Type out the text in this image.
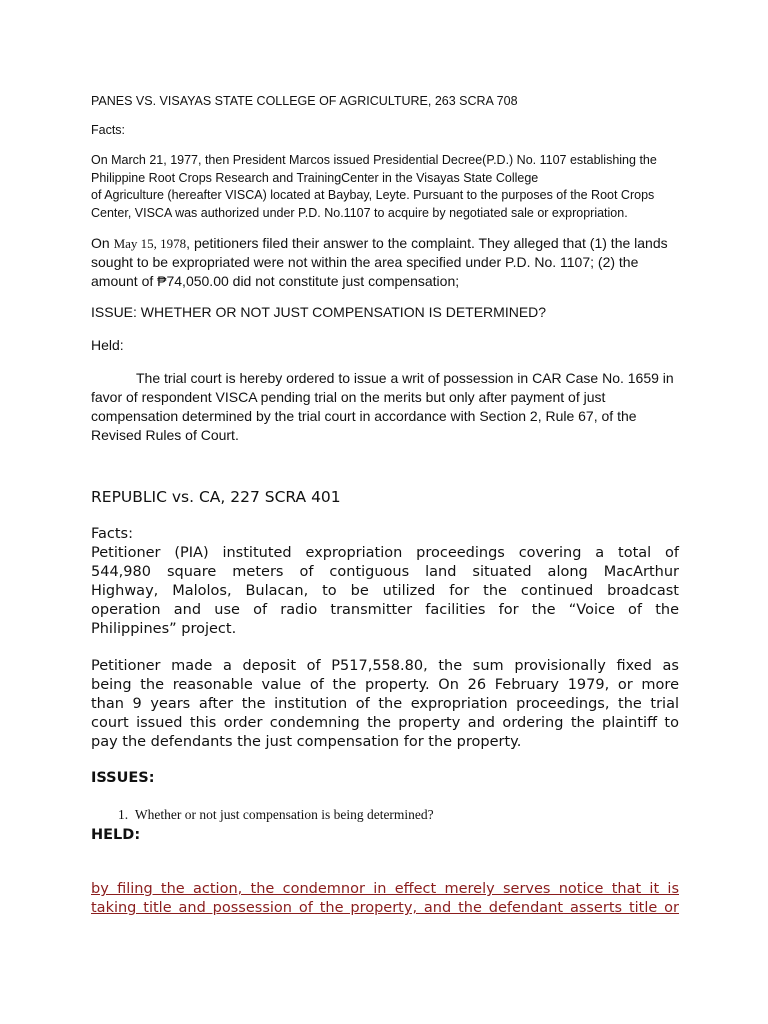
PANES VS. VISAYAS STATE COLLEGE OF AGRICULTURE, 263 SCRA 708
Facts:
On March 21, 1977, then President Marcos issued Presidential Decree(P.D.) No. 1107 establishing the
Philippine Root Crops Research and TrainingCenter in the Visayas State College
of Agriculture (hereafter VISCA) located at Baybay, Leyte. Pursuant to the purposes of the Root Crops
Center, VISCA was authorized under P.D. No.1107 to acquire by negotiated sale or expropriation.
On May 15, 1978, petitioners filed their answer to the complaint. They alleged that (1) the lands
sought to be expropriated were not within the area specified under P.D. No. 1107; (2) the
amount of ₱74,050.00 did not constitute just compensation;
ISSUE: WHETHER OR NOT JUST COMPENSATION IS DETERMINED?
Held:
The trial court is hereby ordered to issue a writ of possession in CAR Case No. 1659 in
favor of respondent VISCA pending trial on the merits but only after payment of just
compensation determined by the trial court in accordance with Section 2, Rule 67, of the
Revised Rules of Court.
REPUBLIC vs. CA, 227 SCRA 401
Facts:
Petitioner (PIA) instituted expropriation proceedings covering a total of
544,980 square meters of contiguous land situated along MacArthur
Highway, Malolos, Bulacan, to be utilized for the continued broadcast
operation and use of radio transmitter facilities for the “Voice of the
Philippines” project.
Petitioner made a deposit of P517,558.80, the sum provisionally fixed as
being the reasonable value of the property. On 26 February 1979, or more
than 9 years after the institution of the expropriation proceedings, the trial
court issued this order condemning the property and ordering the plaintiff to
pay the defendants the just compensation for the property.
ISSUES:
1. Whether or not just compensation is being determined?
HELD:
by filing the action, the condemnor in effect merely serves notice that it is
taking title and possession of the property, and the defendant asserts title or
